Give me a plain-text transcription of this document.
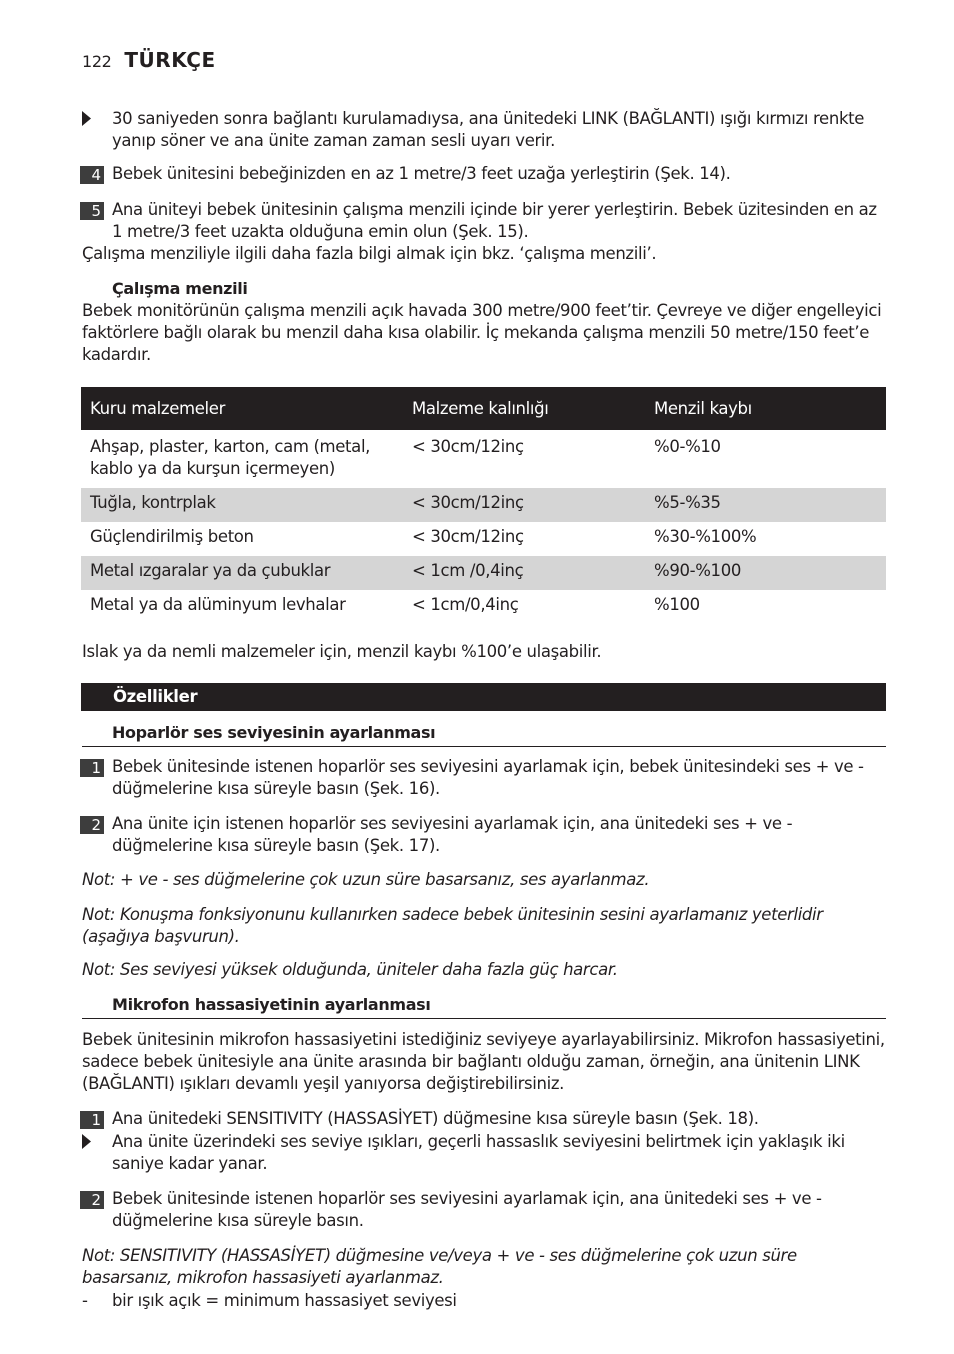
122 TÜRKÇE
30 saniyeden sonra bağlantı kurulamadıysa, ana ünitedeki LINK (BAĞLANTI) ışığı kırmızı renkte yanıp söner ve ana ünite zaman zaman sesli uyarı verir.
4 Bebek ünitesini bebeğinizden en az 1 metre/3 feet uzağa yerleştirin (Şek. 14).
5 Ana üniteyi bebek ünitesinin çalışma menzili içinde bir yerer yerleştirin. Bebek üzitesinden en az 1 metre/3 feet uzakta olduğuna emin olun (Şek. 15).
Çalışma menziliyle ilgili daha fazla bilgi almak için bkz. ‘çalışma menzili’.
Çalışma menzili
Bebek monitörünün çalışma menzili açık havada 300 metre/900 feet’tir. Çevreye ve diğer engelleyici faktörlere bağlı olarak bu menzil daha kısa olabilir. İç mekanda çalışma menzili 50 metre/150 feet’e kadardır.
Kuru malzemeler	Malzeme kalınlığı	Menzil kaybı
Ahşap, plaster, karton, cam (metal, kablo ya da kurşun içermeyen)	< 30cm/12inç	%0-%10
Tuğla, kontrplak	< 30cm/12inç	%5-%35
Güçlendirilmiş beton	< 30cm/12inç	%30-%100%
Metal ızgaralar ya da çubuklar	< 1cm /0,4inç	%90-%100
Metal ya da alüminyum levhalar	< 1cm/0,4inç	%100
Islak ya da nemli malzemeler için, menzil kaybı %100’e ulaşabilir.
Özellikler
Hoparlör ses seviyesinin ayarlanması
1 Bebek ünitesinde istenen hoparlör ses seviyesini ayarlamak için, bebek ünitesindeki ses + ve - düğmelerine kısa süreyle basın (Şek. 16).
2 Ana ünite için istenen hoparlör ses seviyesini ayarlamak için, ana ünitedeki ses + ve - düğmelerine kısa süreyle basın (Şek. 17).
Not: + ve - ses düğmelerine çok uzun süre basarsanız, ses ayarlanmaz.
Not: Konuşma fonksiyonunu kullanırken sadece bebek ünitesinin sesini ayarlamanız yeterlidir (aşağıya başvurun).
Not: Ses seviyesi yüksek olduğunda, üniteler daha fazla güç harcar.
Mikrofon hassasiyetinin ayarlanması
Bebek ünitesinin mikrofon hassasiyetini istediğiniz seviyeye ayarlayabilirsiniz. Mikrofon hassasiyetini, sadece bebek ünitesiyle ana ünite arasında bir bağlantı olduğu zaman, örneğin, ana ünitenin LINK (BAĞLANTI) ışıkları devamlı yeşil yanıyorsa değiştirebilirsiniz.
1 Ana ünitedeki SENSITIVITY (HASSASİYET) düğmesine kısa süreyle basın (Şek. 18).
Ana ünite üzerindeki ses seviye ışıkları, geçerli hassaslık seviyesini belirtmek için yaklaşık iki saniye kadar yanar.
2 Bebek ünitesinde istenen hoparlör ses seviyesini ayarlamak için, ana ünitedeki ses + ve - düğmelerine kısa süreyle basın.
Not: SENSITIVITY (HASSASİYET) düğmesine ve/veya + ve - ses düğmelerine çok uzun süre basarsanız, mikrofon hassasiyeti ayarlanmaz.
- bir ışık açık = minimum hassasiyet seviyesi
